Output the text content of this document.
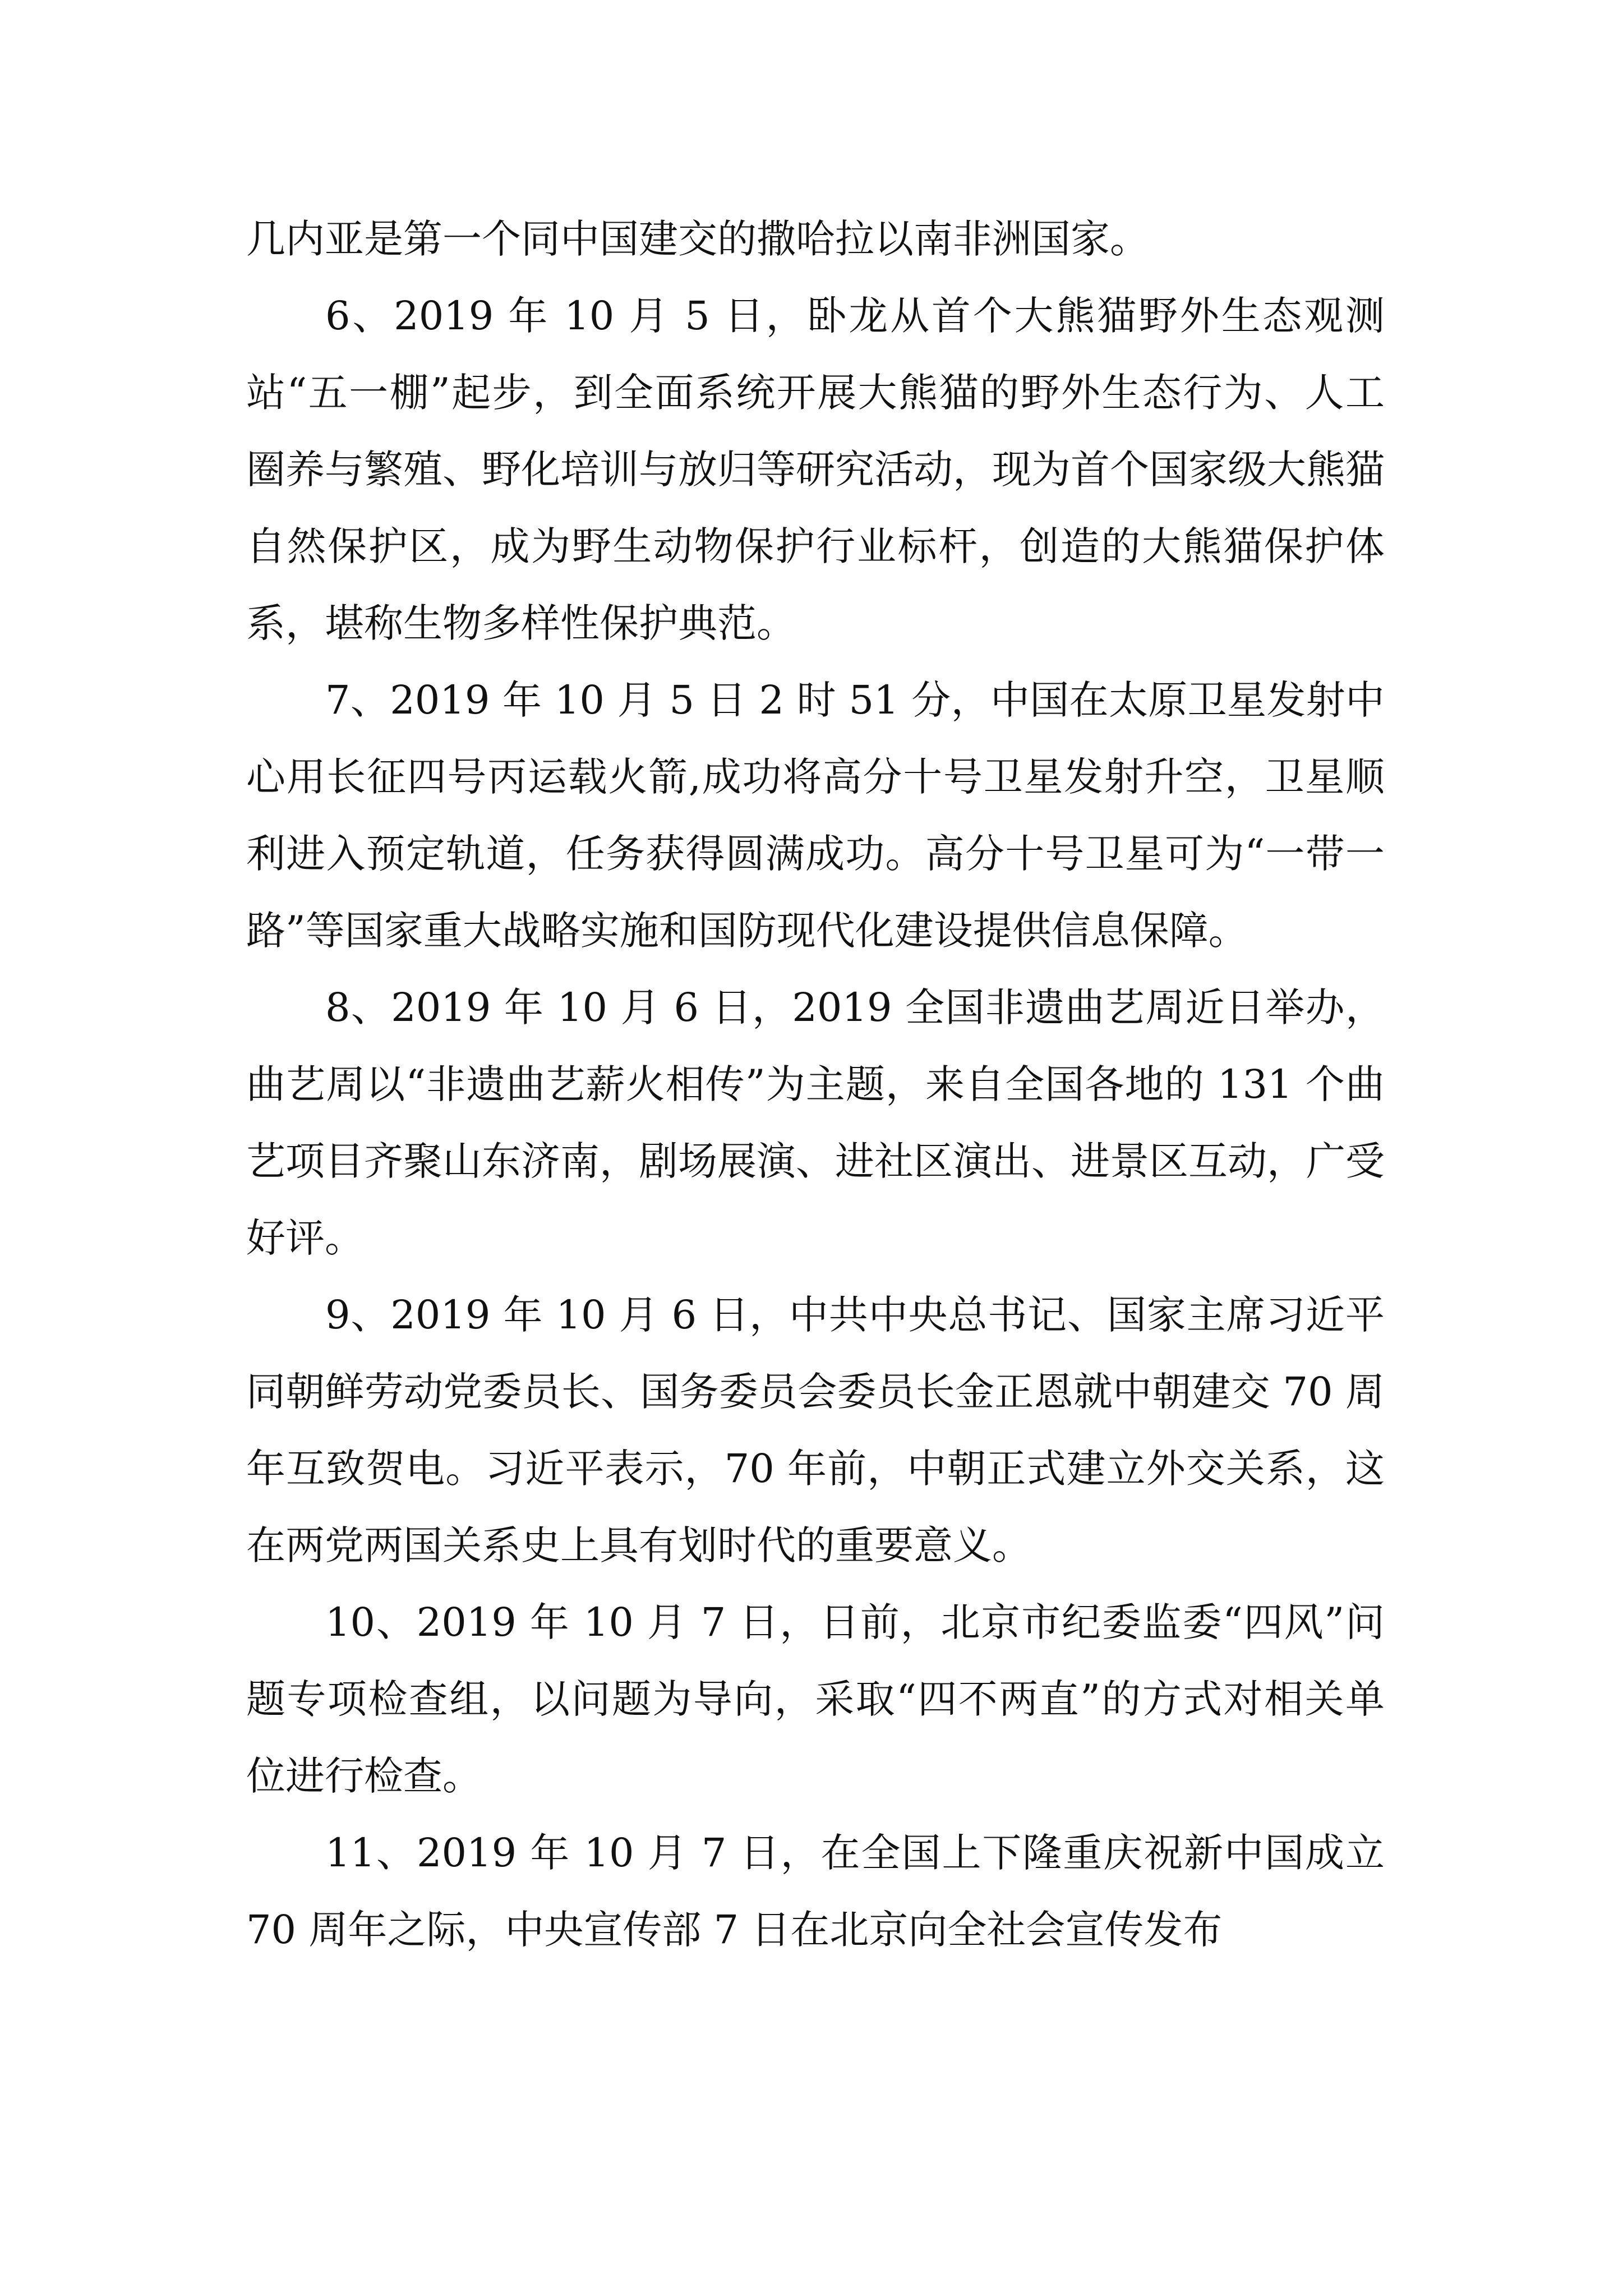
几内亚是第一个同中国建交的撒哈拉以南非洲国家。

6、2019 年 10 月 5 日，卧龙从首个大熊猫野外生态观测站“五一棚”起步，到全面系统开展大熊猫的野外生态行为、人工圈养与繁殖、野化培训与放归等研究活动，现为首个国家级大熊猫自然保护区，成为野生动物保护行业标杆，创造的大熊猫保护体系，堪称生物多样性保护典范。

7、2019 年 10 月 5 日 2 时 51 分，中国在太原卫星发射中心用长征四号丙运载火箭,成功将高分十号卫星发射升空，卫星顺利进入预定轨道，任务获得圆满成功。高分十号卫星可为“一带一路”等国家重大战略实施和国防现代化建设提供信息保障。

8、2019 年 10 月 6 日，2019 全国非遗曲艺周近日举办，曲艺周以“非遗曲艺薪火相传”为主题，来自全国各地的 131 个曲艺项目齐聚山东济南，剧场展演、进社区演出、进景区互动，广受好评。

9、2019 年 10 月 6 日，中共中央总书记、国家主席习近平同朝鲜劳动党委员长、国务委员会委员长金正恩就中朝建交 70 周年互致贺电。习近平表示，70 年前，中朝正式建立外交关系，这在两党两国关系史上具有划时代的重要意义。

10、2019 年 10 月 7 日，日前，北京市纪委监委“四风”问题专项检查组，以问题为导向，采取“四不两直”的方式对相关单位进行检查。

11、2019 年 10 月 7 日，在全国上下隆重庆祝新中国成立 70 周年之际，中央宣传部 7 日在北京向全社会宣传发布
